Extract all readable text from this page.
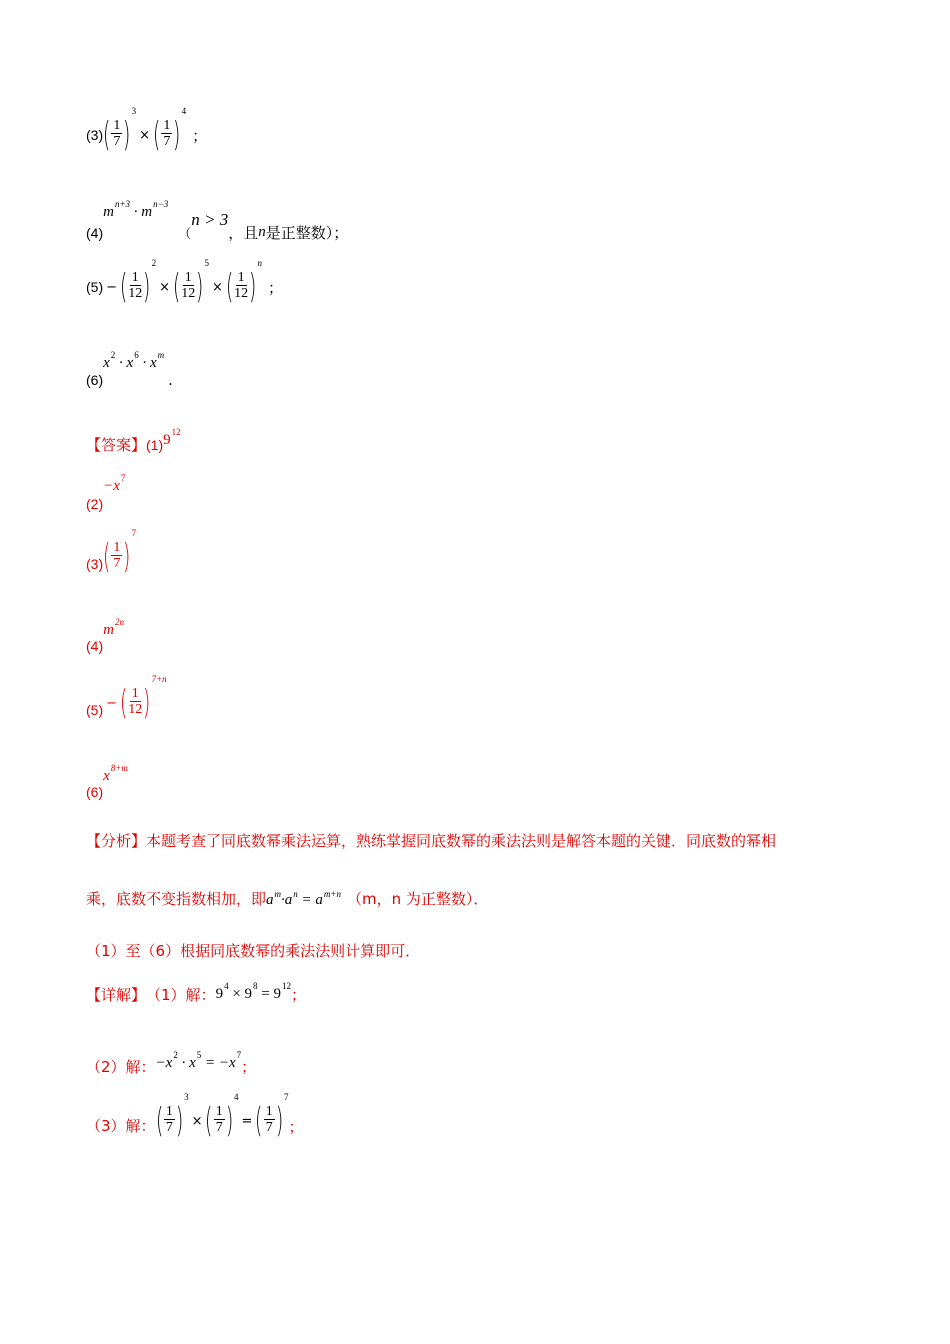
(3) ( $\frac{1}{7}$ )
$^3$
× ( $\frac{1}{7}$ )
$^4$
；
(4)
$m^{n+3} \cdot m^{n-3}$
（
n > 3
，且 n 是正整数）；
(5) − ( $\frac{1}{12}$ )
$^2$
× ( $\frac{1}{12}$ )
$^5$
× ( $\frac{1}{12}$ )
$^n$
；
(6)
$x^2 \cdot x^6 \cdot x^m$
.
【答案】 (1) $9^{12}$
(2)
$-x^7$
(3) ( $\frac{1}{7}$ )
$^7$
(4)
$m^{2n}$
(5) − ( $\frac{1}{12}$ )
$^{7+n}$
(6)
$x^{8+m}$
【分析】本题考查了同底数幂乘法运算，熟练掌握同底数幂的乘法法则是解答本题的关键．同底数的幂相
乘，底数不变指数相加，即$a^m\cdot a^n = a^{m+n}$ （m，n 为正整数）．
（1）至（6）根据同底数幂的乘法法则计算即可．
【详解】 （1）解： $9^4 \times 9^8 = 9^{12}$ ；
（2）解： $-x^2 \cdot x^5 = -x^7$
；
（3）解： ( $\frac{1}{7}$ )
$^3$
× ( $\frac{1}{7}$ )
$^4$
= ( $\frac{1}{7}$ )
$^7$
；
